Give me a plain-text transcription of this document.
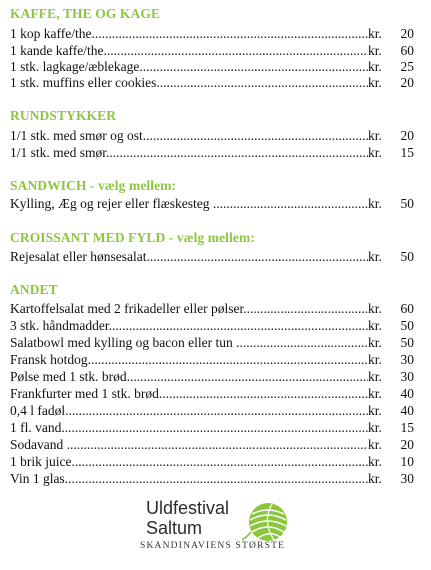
KAFFE, THE OG KAGE
1 kop kaffe/the .....	kr.	20
1 kande kaffe/the .....	kr.	60
1 stk. lagkage/æblekage .....	kr.	25
1 stk. muffins eller cookies .....	kr.	20
RUNDSTYKKER
1/1 stk. med smør og ost .....	kr.	20
1/1 stk. med smør .....	kr.	15
SANDWICH - vælg mellem:
Kylling, Æg og rejer eller flæskesteg .....	kr.	50
CROISSANT MED FYLD - vælg mellem:
Rejesalat eller hønsesalat .....	kr.	50
ANDET
Kartoffelsalat med 2 frikadeller eller pølser .....	kr.	60
3 stk. håndmadder .....	kr.	50
Salatbowl med kylling og bacon eller tun .....	kr.	50
Fransk hotdog .....	kr.	30
Pølse med 1 stk. brød .....	kr.	30
Frankfurter med 1 stk. brød .....	kr.	40
0,4 l fadøl .....	kr.	40
1 fl. vand .....	kr.	15
Sodavand .....	kr.	20
1 brik juice .....	kr.	10
Vin 1 glas .....	kr.	30
Uldfestival
Saltum
SKANDINAVIENS STØRSTE
